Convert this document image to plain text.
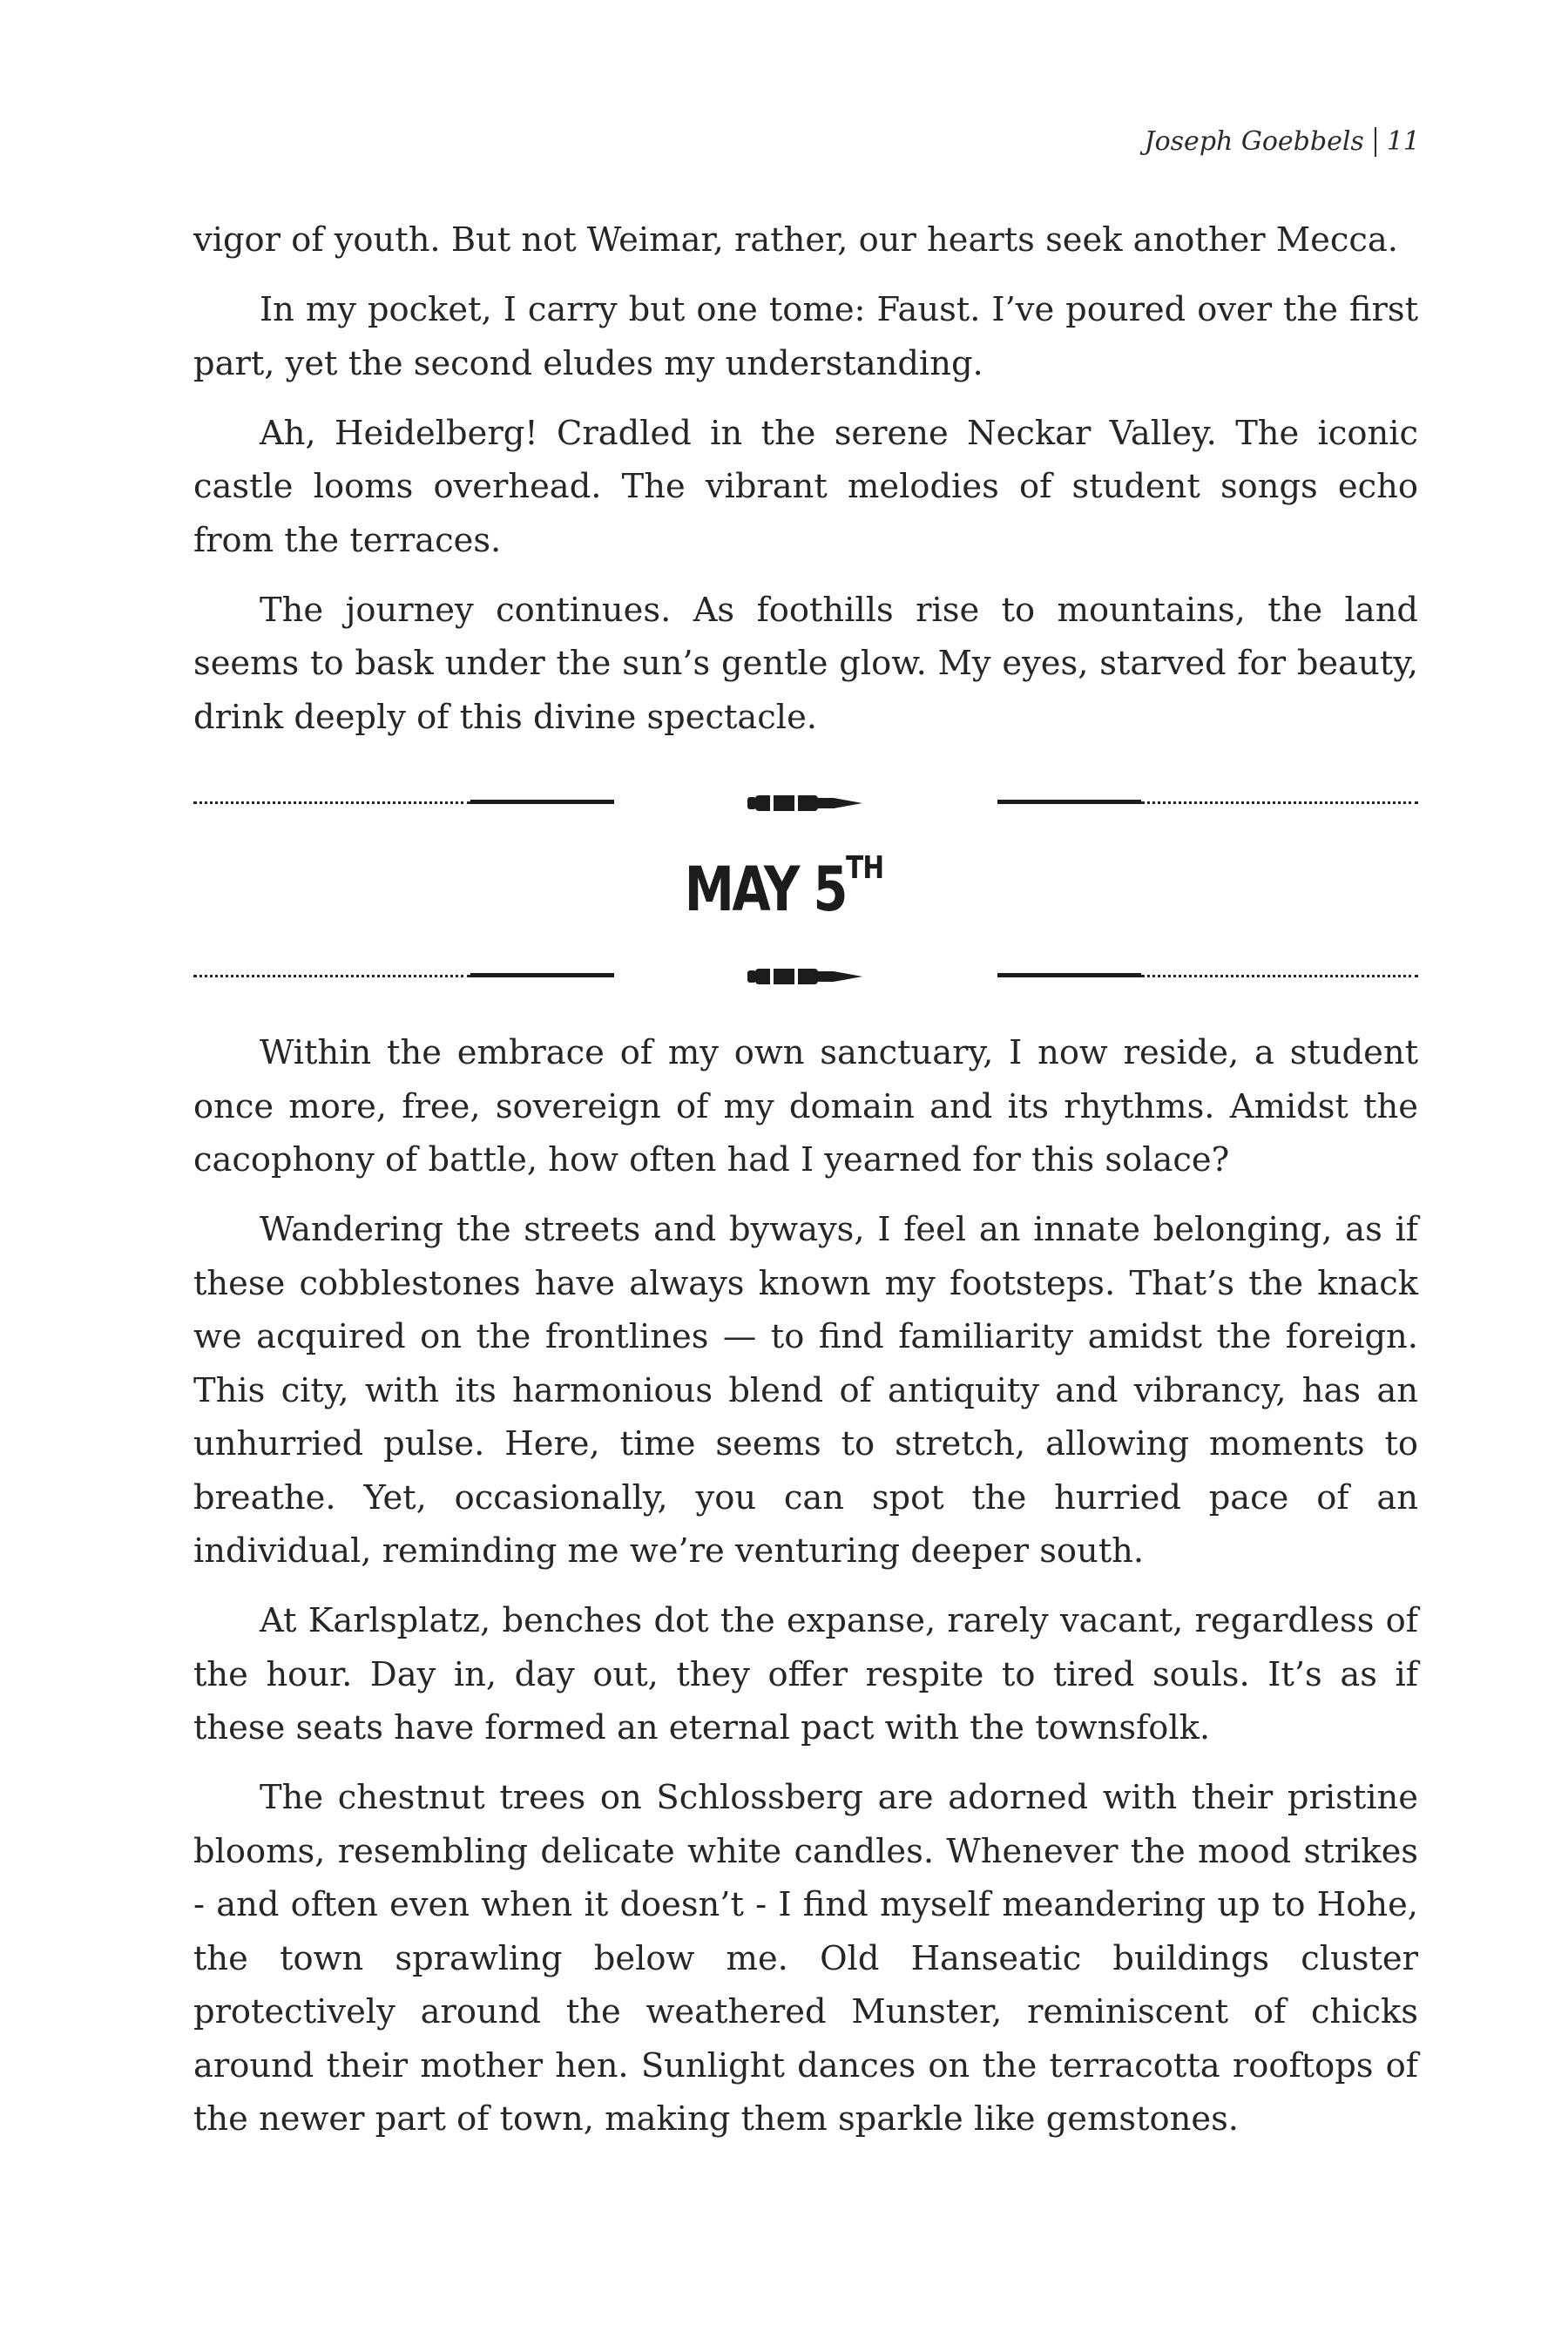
Joseph Goebbels 11

vigor of youth. But not Weimar, rather, our hearts seek another Mecca.

In my pocket, I carry but one tome: Faust. I’ve poured over the first part, yet the second eludes my understanding.

Ah, Heidelberg! Cradled in the serene Neckar Valley. The iconic castle looms overhead. The vibrant melodies of student songs echo from the terraces.

The journey continues. As foothills rise to mountains, the land seems to bask under the sun’s gentle glow. My eyes, starved for beauty, drink deeply of this divine spectacle.

MAY 5TH

Within the embrace of my own sanctuary, I now reside, a student once more, free, sovereign of my domain and its rhythms. Amidst the cacophony of battle, how often had I yearned for this solace?

Wandering the streets and byways, I feel an innate belonging, as if these cobblestones have always known my footsteps. That’s the knack we acquired on the frontlines — to find familiarity amidst the foreign. This city, with its harmonious blend of antiquity and vibrancy, has an unhurried pulse. Here, time seems to stretch, allowing moments to breathe. Yet, occasionally, you can spot the hurried pace of an individual, reminding me we’re venturing deeper south.

At Karlsplatz, benches dot the expanse, rarely vacant, regardless of the hour. Day in, day out, they offer respite to tired souls. It’s as if these seats have formed an eternal pact with the townsfolk.

The chestnut trees on Schlossberg are adorned with their pristine blooms, resembling delicate white candles. Whenever the mood strikes - and often even when it doesn’t - I find myself meandering up to Hohe, the town sprawling below me. Old Hanseatic buildings cluster protectively around the weathered Munster, reminiscent of chicks around their mother hen. Sunlight dances on the terracotta rooftops of the newer part of town, making them sparkle like gemstones.
